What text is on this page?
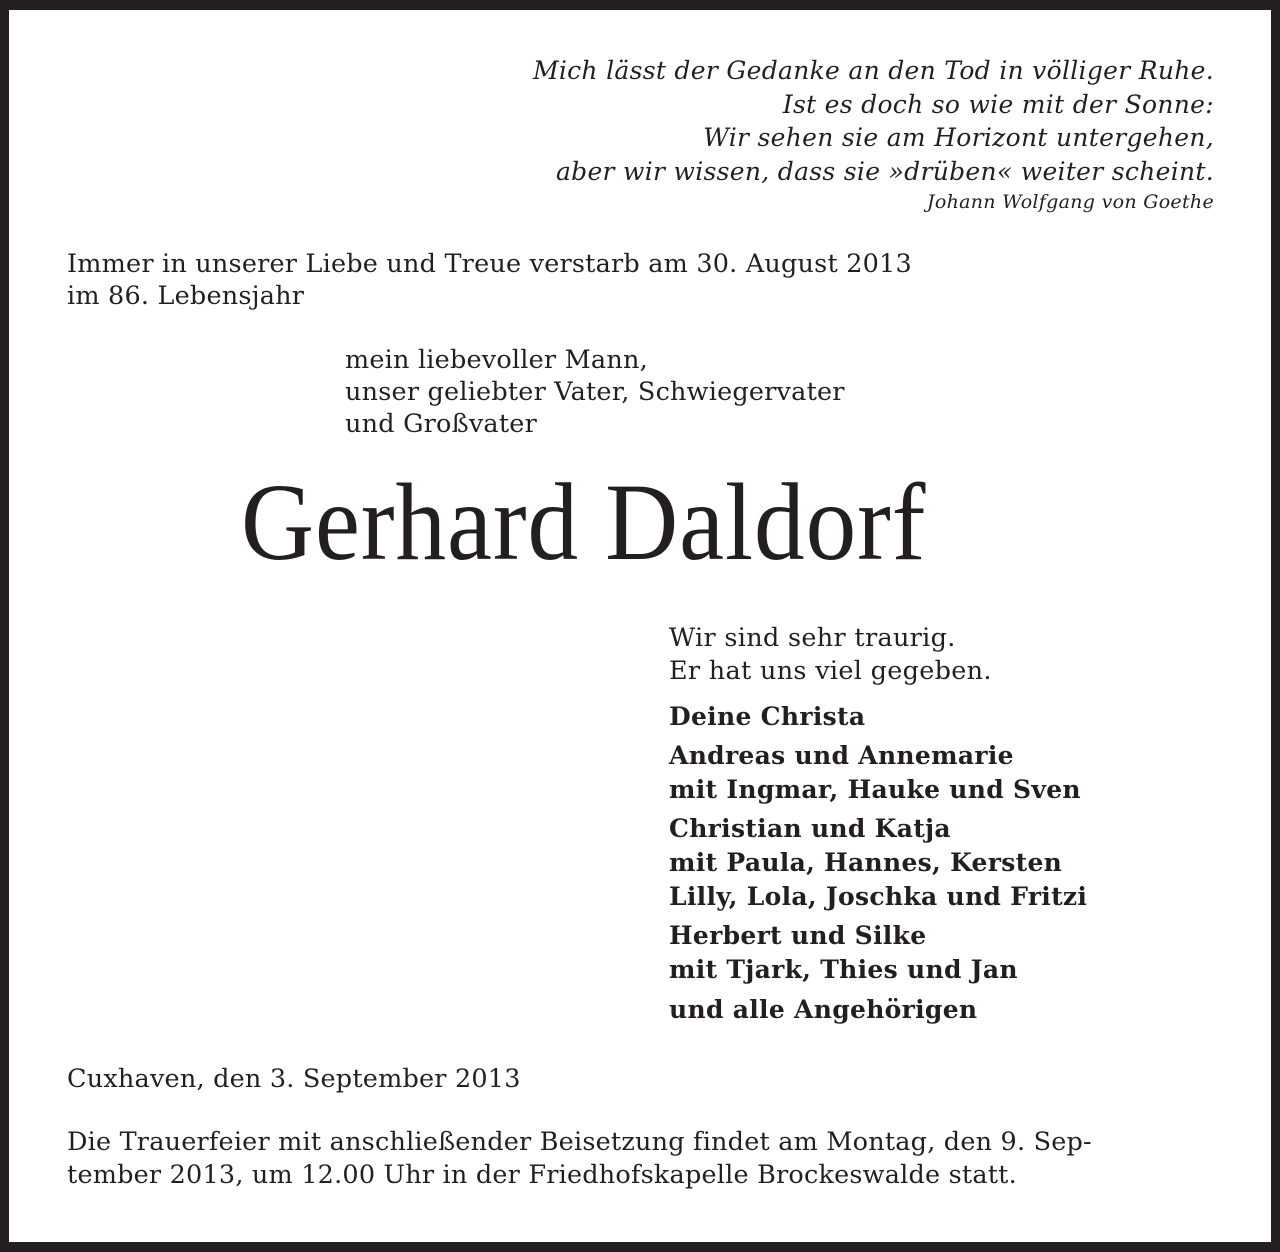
Mich lässt der Gedanke an den Tod in völliger Ruhe.
Ist es doch so wie mit der Sonne:
Wir sehen sie am Horizont untergehen,
aber wir wissen, dass sie »drüben« weiter scheint.
Johann Wolfgang von Goethe
Immer in unserer Liebe und Treue verstarb am 30. August 2013
im 86. Lebensjahr
mein liebevoller Mann,
unser geliebter Vater, Schwiegervater
und Großvater
Gerhard Daldorf
Wir sind sehr traurig.
Er hat uns viel gegeben.
Deine Christa
Andreas und Annemarie
mit Ingmar, Hauke und Sven
Christian und Katja
mit Paula, Hannes, Kersten
Lilly, Lola, Joschka und Fritzi
Herbert und Silke
mit Tjark, Thies und Jan
und alle Angehörigen
Cuxhaven, den 3. September 2013
Die Trauerfeier mit anschließender Beisetzung findet am Montag, den 9. Sep-
tember 2013, um 12.00 Uhr in der Friedhofskapelle Brockeswalde statt.
